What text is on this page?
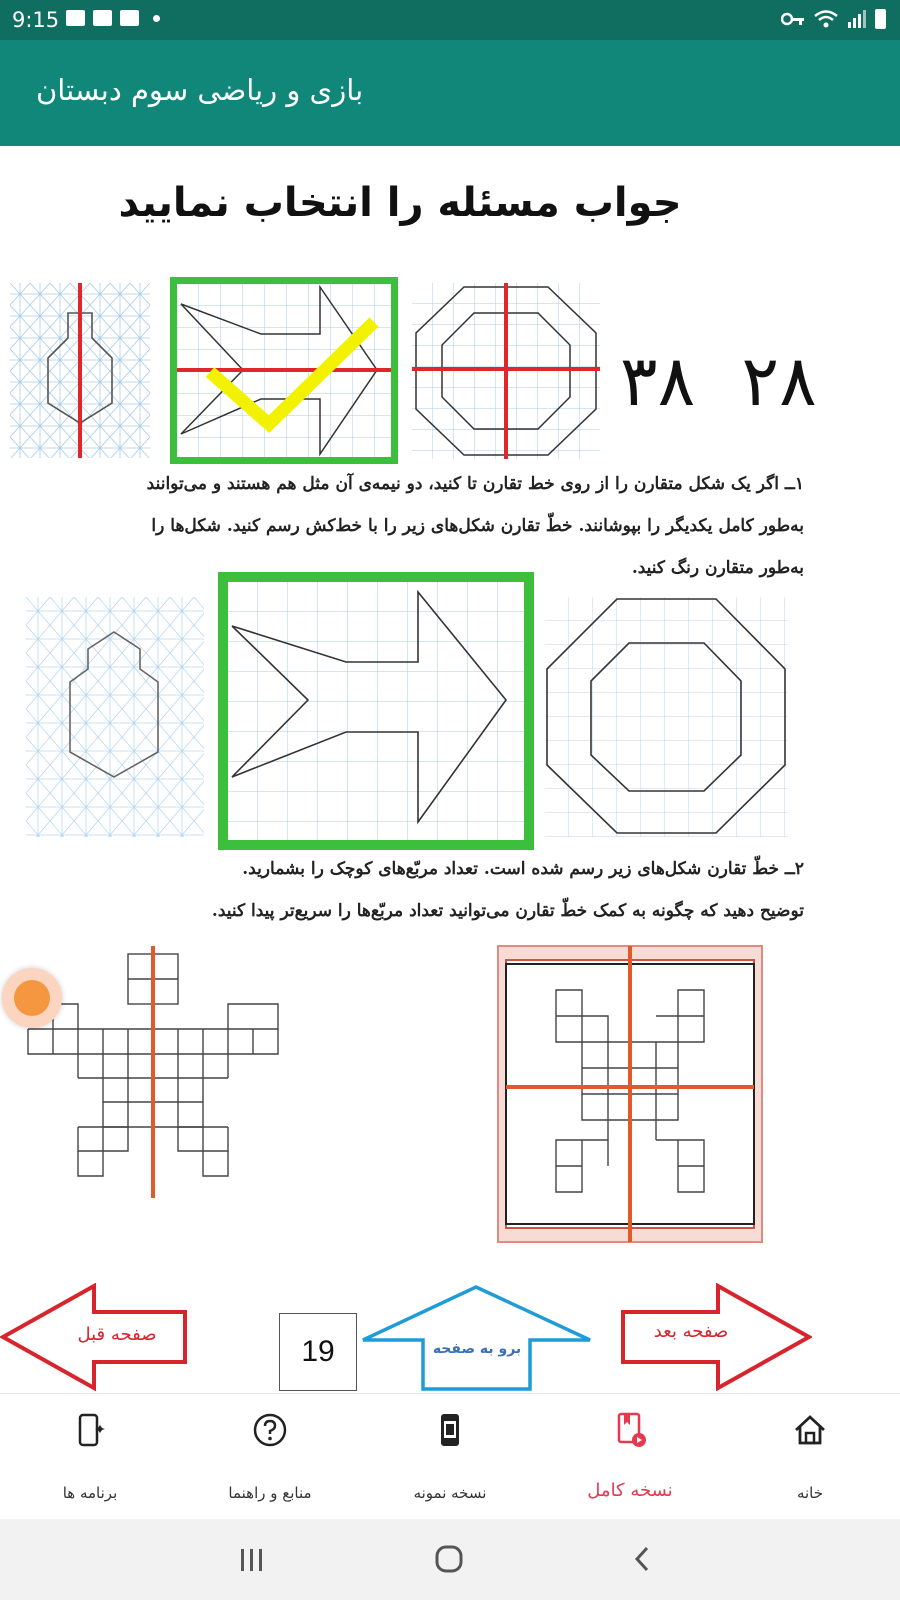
9:15
بازی و ریاضی سوم دبستان
جواب مسئله را انتخاب نمایید
۲۸ ۳۸
۱ــ اگر یک شکل متقارن را از روی خط تقارن تا کنید، دو نیمه‌ی آن مثل هم هستند و می‌توانند
به‌طور کامل یکدیگر را بپوشانند. خطّ تقارن شکل‌های زیر را با خط‌کش رسم کنید. شکل‌ها را
به‌طور متقارن رنگ کنید.
۲ــ خطّ تقارن شکل‌های زیر رسم شده است. تعداد مربّع‌های کوچک را بشمارید.
توضیح دهید که چگونه به کمک خطّ تقارن می‌توانید تعداد مربّع‌ها را سریع‌تر پیدا کنید.
صفحه قبل
19	برو به صفحه
صفحه بعد
برنامه ها	منابع و راهنما	نسخه نمونه	نسخه کامل	خانه
